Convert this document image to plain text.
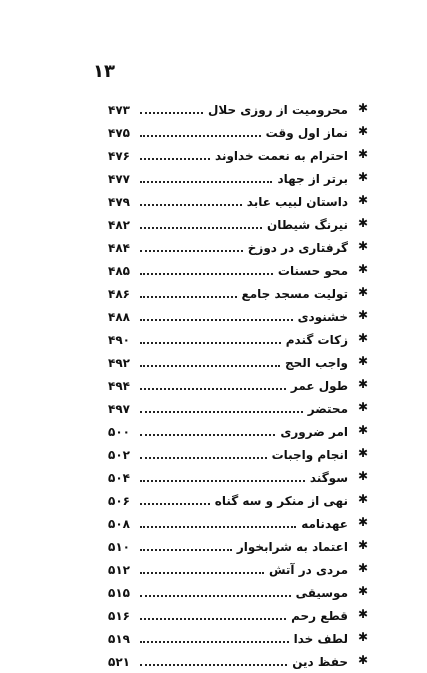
۱۳
✱
محرومیت از روزی حلال
۴۷۳
✱
نماز اول وقت
۴۷۵
✱
احترام به نعمت خداوند
۴۷۶
✱
برتر از جهاد
۴۷۷
✱
داستان لبیب عابد
۴۷۹
✱
نیرنگ شیطان
۴۸۲
✱
گرفتاری در دوزخ
۴۸۴
✱
محو حسنات
۴۸۵
✱
تولیت مسجد جامع
۴۸۶
✱
خشنودی
۴۸۸
✱
زکات گندم
۴۹۰
✱
واجب الحج
۴۹۲
✱
طول عمر
۴۹۴
✱
محتضر
۴۹۷
✱
امر ضروری
۵۰۰
✱
انجام واجبات
۵۰۲
✱
سوگند
۵۰۴
✱
نهی از منکر و سه گناه
۵۰۶
✱
عهدنامه
۵۰۸
✱
اعتماد به شرابخوار
۵۱۰
✱
مردی در آتش
۵۱۲
✱
موسیقی
۵۱۵
✱
قطع رحم
۵۱۶
✱
لطف خدا
۵۱۹
✱
حفظ دین
۵۲۱
